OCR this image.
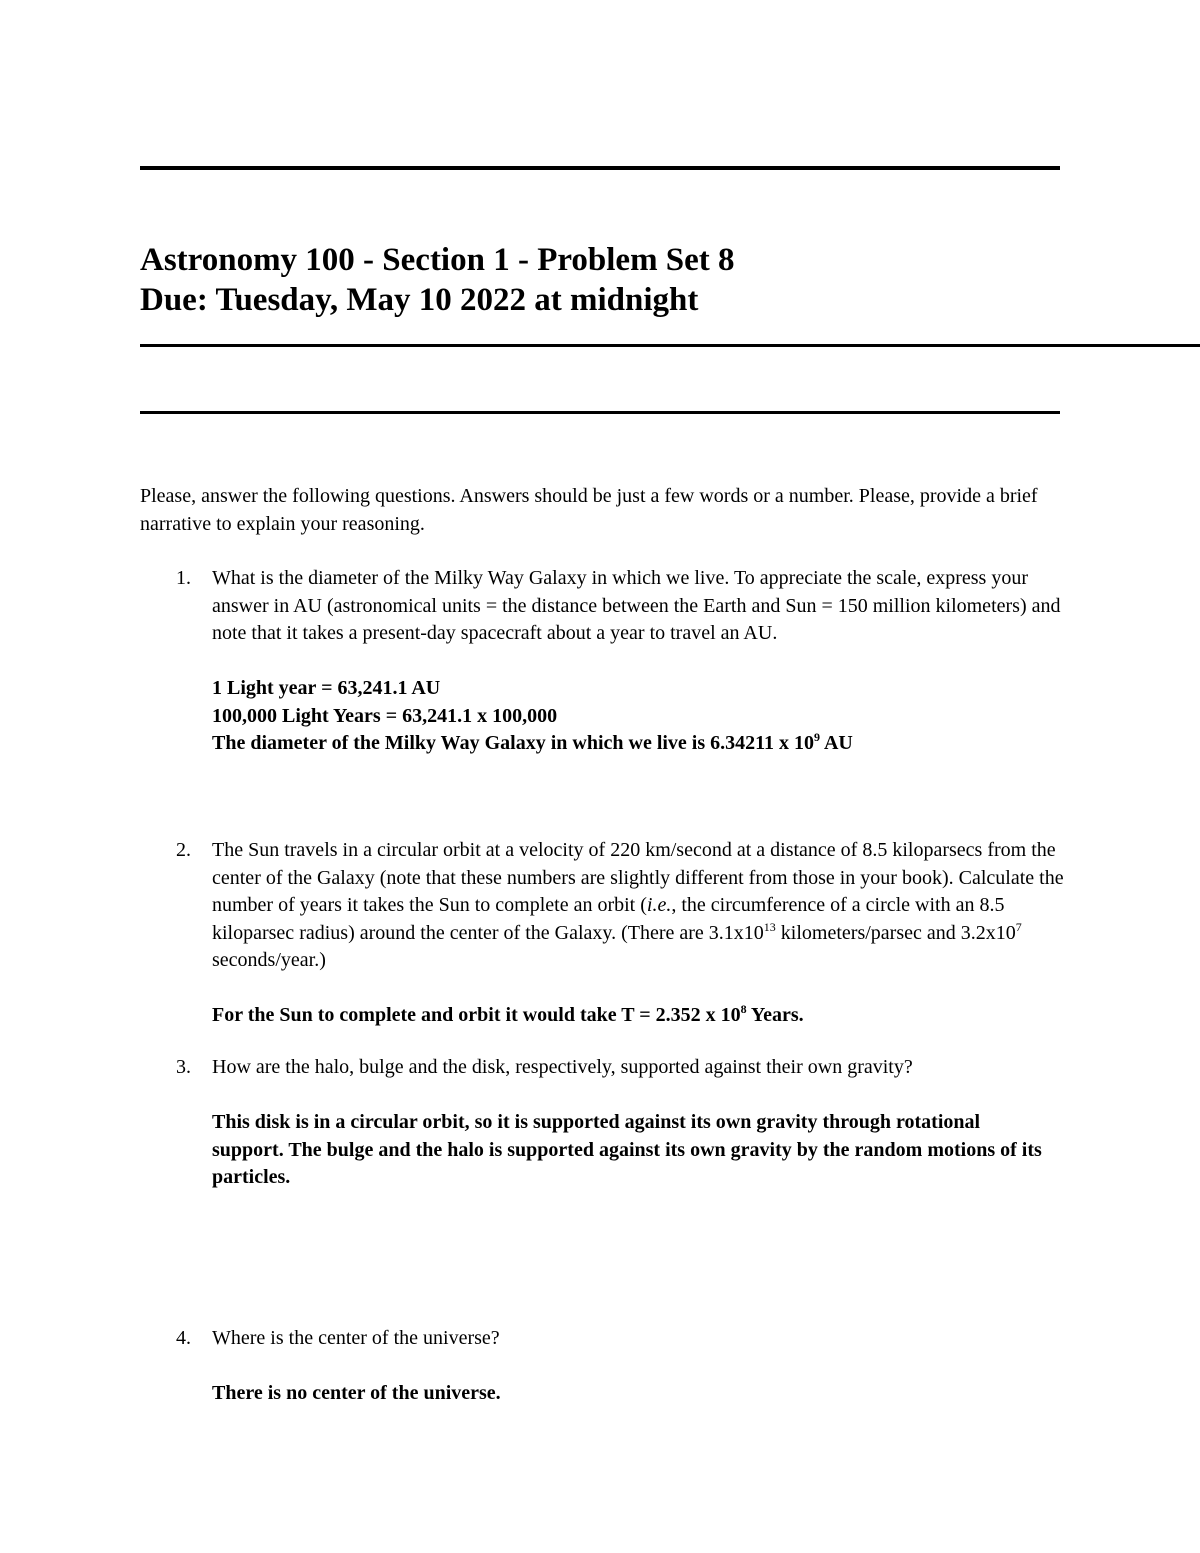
Astronomy 100 - Section 1 - Problem Set 8
Due: Tuesday, May 10 2022 at midnight
Please, answer the following questions. Answers should be just a few words or a number. Please, provide a brief narrative to explain your reasoning.
1. What is the diameter of the Milky Way Galaxy in which we live. To appreciate the scale, express your answer in AU (astronomical units = the distance between the Earth and Sun = 150 million kilometers) and note that it takes a present-day spacecraft about a year to travel an AU.
1 Light year = 63,241.1 AU
100,000 Light Years = 63,241.1 x 100,000
The diameter of the Milky Way Galaxy in which we live is 6.34211 x $10^9$ AU
2. The Sun travels in a circular orbit at a velocity of 220 km/second at a distance of 8.5 kiloparsecs from the center of the Galaxy (note that these numbers are slightly different from those in your book). Calculate the number of years it takes the Sun to complete an orbit (i.e., the circumference of a circle with an 8.5 kiloparsec radius) around the center of the Galaxy. (There are $3.1x10^{13}$ kilometers/parsec and $3.2x10^7$ seconds/year.)
For the Sun to complete and orbit it would take T = 2.352 x $10^8$ Years.
3. How are the halo, bulge and the disk, respectively, supported against their own gravity?
This disk is in a circular orbit, so it is supported against its own gravity through rotational support. The bulge and the halo is supported against its own gravity by the random motions of its particles.
4. Where is the center of the universe?
There is no center of the universe.
